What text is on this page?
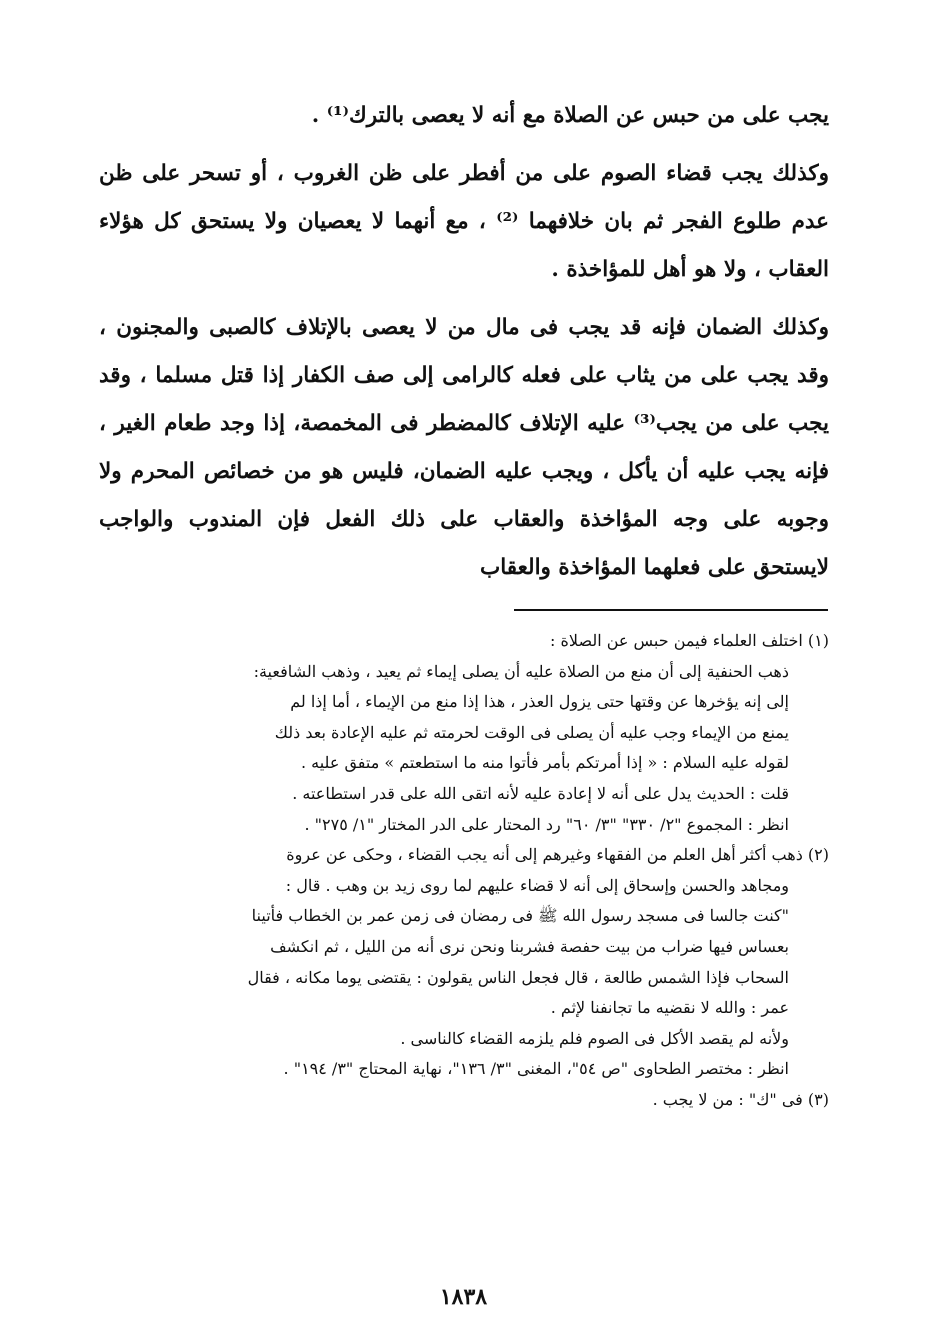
يجب على من حبس عن الصلاة مع أنه لا يعصى بالترك⁽¹⁾ .

وكذلك يجب قضاء الصوم على من أفطر على ظن الغروب ، أو تسحر على ظن عدم طلوع الفجر ثم بان خلافهما ⁽²⁾ ، مع أنهما لا يعصيان ولا يستحق كل هؤلاء العقاب ، ولا هو أهل للمؤاخذة .

وكذلك الضمان فإنه قد يجب فى مال من لا يعصى بالإتلاف كالصبى والمجنون ، وقد يجب على من يثاب على فعله كالرامى إلى صف الكفار إذا قتل مسلما ، وقد يجب على من يجب⁽³⁾ عليه الإتلاف كالمضطر فى المخمصة، إذا وجد طعام الغير ، فإنه يجب عليه أن يأكل ، ويجب عليه الضمان، فليس هو من خصائص المحرم ولا وجوبه على وجه المؤاخذة والعقاب على ذلك الفعل فإن المندوب والواجب لايستحق على فعلهما المؤاخذة والعقاب

(١) اختلف العلماء فيمن حبس عن الصلاة :
ذهب الحنفية إلى أن منع من الصلاة عليه أن يصلى إيماء ثم يعيد ، وذهب الشافعية:
إلى إنه يؤخرها عن وقتها حتى يزول العذر ، هذا إذا منع من الإيماء ، أما إذا لم
يمنع من الإيماء وجب عليه أن يصلى فى الوقت لحرمته ثم عليه الإعادة بعد ذلك
لقوله عليه السلام : « إذا أمرتكم بأمر فأتوا منه ما استطعتم » متفق عليه .
قلت : الحديث يدل على أنه لا إعادة عليه لأنه اتقى الله على قدر استطاعته .
انظر : المجموع "٢/ ٣٣٠" "٣/ ٦٠" رد المحتار على الدر المختار "١/ ٢٧٥" .
(٢) ذهب أكثر أهل العلم من الفقهاء وغيرهم إلى أنه يجب القضاء ، وحكى عن عروة
ومجاهد والحسن وإسحاق إلى أنه لا قضاء عليهم لما روى زيد بن وهب . قال :
"كنت جالسا فى مسجد رسول الله ﷺ فى رمضان فى زمن عمر بن الخطاب فأتينا
بعساس فيها ضراب من بيت حفصة فشربنا ونحن نرى أنه من الليل ، ثم انكشف
السحاب فإذا الشمس طالعة ، قال فجعل الناس يقولون : يقتضى يوما مكانه ، فقال
عمر : والله لا نقضيه ما تجانفنا لإثم .
ولأنه لم يقصد الأكل فى الصوم فلم يلزمه القضاء كالناسى .
انظر : مختصر الطحاوى "ص ٥٤"، المغنى "٣/ ١٣٦"، نهاية المحتاج "٣/ ١٩٤" .
(٣) فى "ك" : من لا يجب .
١٨٣٨
